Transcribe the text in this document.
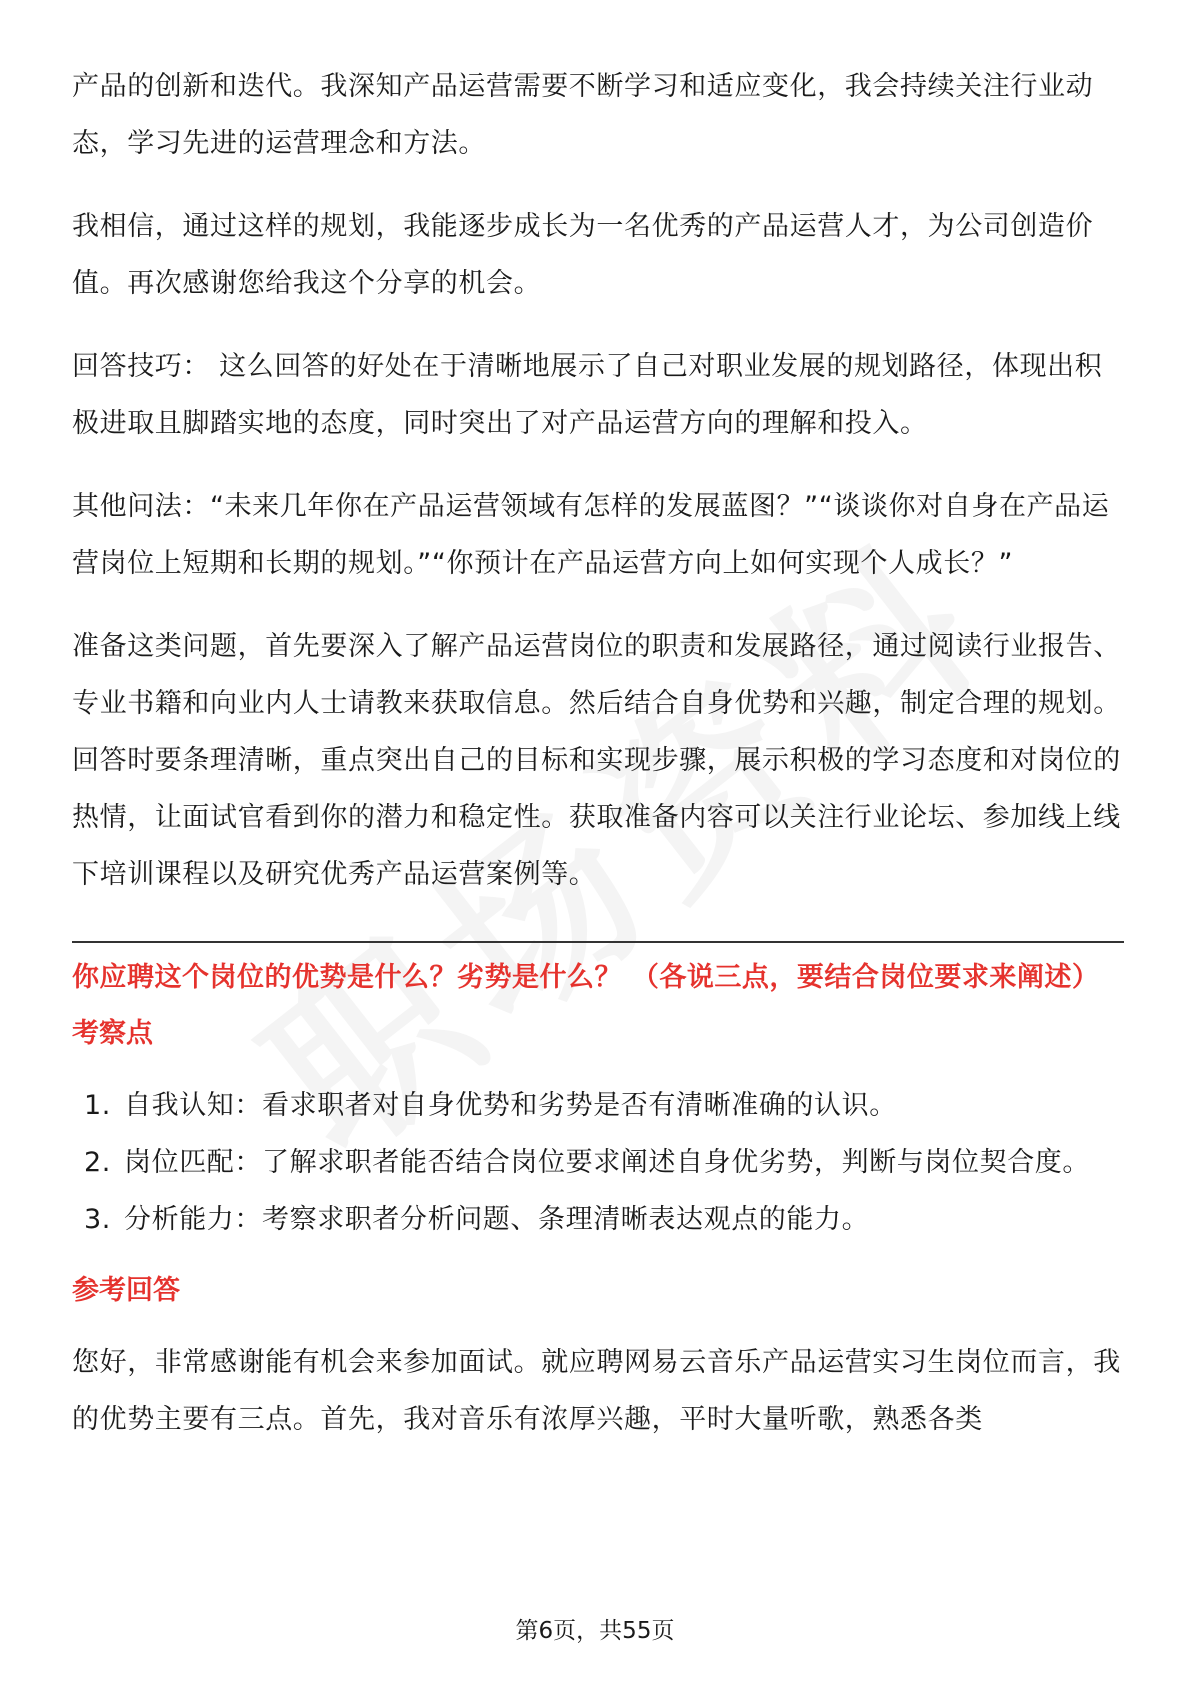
产品的创新和迭代。我深知产品运营需要不断学习和适应变化，我会持续关注行业动态，学习先进的运营理念和方法。

我相信，通过这样的规划，我能逐步成长为一名优秀的产品运营人才，为公司创造价值。再次感谢您给我这个分享的机会。

回答技巧： 这么回答的好处在于清晰地展示了自己对职业发展的规划路径，体现出积极进取且脚踏实地的态度，同时突出了对产品运营方向的理解和投入。

其他问法：“未来几年你在产品运营领域有怎样的发展蓝图？”“谈谈你对自身在产品运营岗位上短期和长期的规划。”“你预计在产品运营方向上如何实现个人成长？”

准备这类问题，首先要深入了解产品运营岗位的职责和发展路径，通过阅读行业报告、专业书籍和向业内人士请教来获取信息。然后结合自身优势和兴趣，制定合理的规划。回答时要条理清晰，重点突出自己的目标和实现步骤，展示积极的学习态度和对岗位的热情，让面试官看到你的潜力和稳定性。获取准备内容可以关注行业论坛、参加线上线下培训课程以及研究优秀产品运营案例等。

你应聘这个岗位的优势是什么？劣势是什么？ （各说三点，要结合岗位要求来阐述）
考察点
1. 自我认知：看求职者对自身优势和劣势是否有清晰准确的认识。
2. 岗位匹配：了解求职者能否结合岗位要求阐述自身优劣势，判断与岗位契合度。
3. 分析能力：考察求职者分析问题、条理清晰表达观点的能力。
参考回答

您好，非常感谢能有机会来参加面试。就应聘网易云音乐产品运营实习生岗位而言，我的优势主要有三点。首先，我对音乐有浓厚兴趣，平时大量听歌，熟悉各类

第6页，共55页
